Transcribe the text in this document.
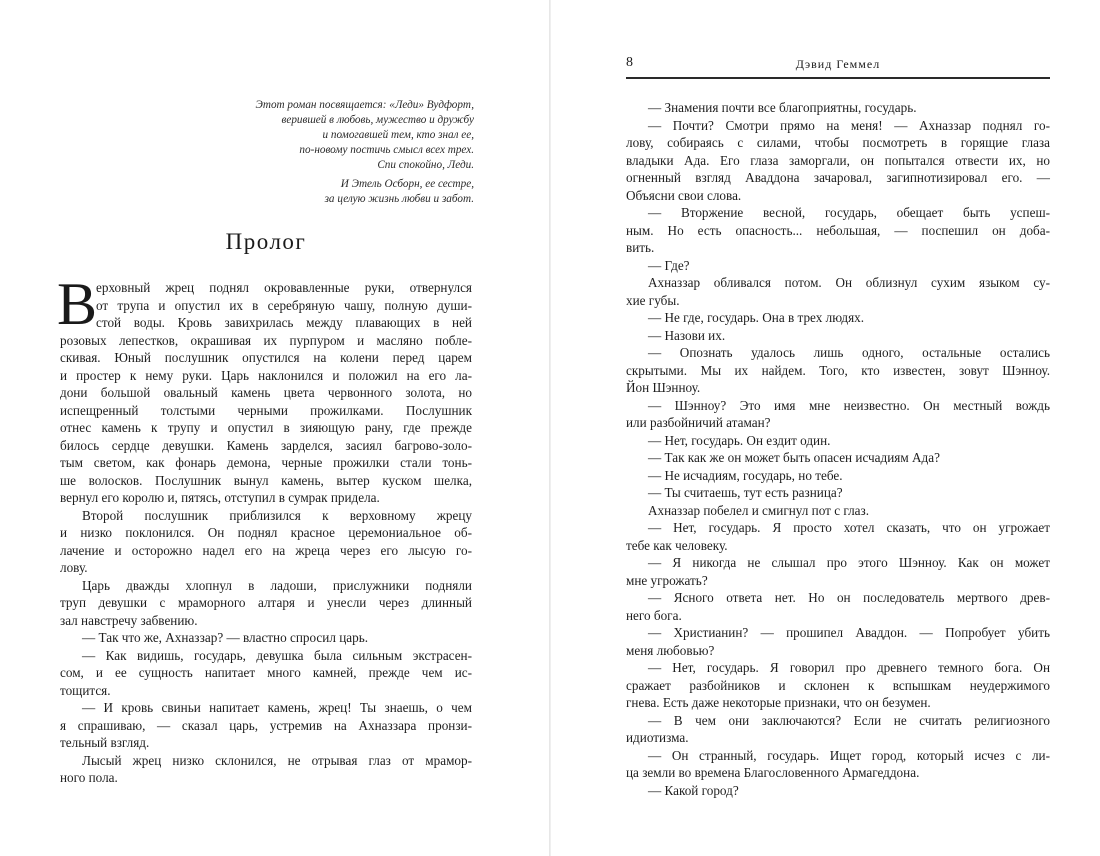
Этот роман посвящается: «Леди» Вудфорт,
верившей в любовь, мужество и дружбу
и помогавшей тем, кто знал ее,
по-новому постичь смысл всех трех.
Спи спокойно, Леди.
И Этель Осборн, ее сестре,
за целую жизнь любви и забот.
Пролог
В
ерховный жрец поднял окровавленные руки, отвернулся
от трупа и опустил их в серебряную чашу, полную души-
стой воды. Кровь завихрилась между плавающих в ней
розовых лепестков, окрашивая их пурпуром и масляно побле-
скивая. Юный послушник опустился на колени перед царем
и простер к нему руки. Царь наклонился и положил на его ла-
дони большой овальный камень цвета червонного золота, но
испещренный толстыми черными прожилками. Послушник
отнес камень к трупу и опустил в зияющую рану, где прежде
билось сердце девушки. Камень зарделся, засиял багрово-золо-
тым светом, как фонарь демона, черные прожилки стали тонь-
ше волосков. Послушник вынул камень, вытер куском шелка,
вернул его королю и, пятясь, отступил в сумрак придела.
Второй послушник приблизился к верховному жрецу
и низко поклонился. Он поднял красное церемониальное об-
лачение и осторожно надел его на жреца через его лысую го-
лову.
Царь дважды хлопнул в ладоши, прислужники подняли
труп девушки с мраморного алтаря и унесли через длинный
зал навстречу забвению.
— Так что же, Ахназзар? — властно спросил царь.
— Как видишь, государь, девушка была сильным экстрасен-
сом, и ее сущность напитает много камней, прежде чем ис-
тощится.
— И кровь свиньи напитает камень, жрец! Ты знаешь, о чем
я спрашиваю, — сказал царь, устремив на Ахназзара пронзи-
тельный взгляд.
Лысый жрец низко склонился, не отрывая глаз от мрамор-
ного пола.
8	Дэвид Геммел
— Знамения почти все благоприятны, государь.
— Почти? Смотри прямо на меня! — Ахназзар поднял го-
лову, собираясь с силами, чтобы посмотреть в горящие глаза
владыки Ада. Его глаза заморгали, он попытался отвести их, но
огненный взгляд Аваддона зачаровал, загипнотизировал его. —
Объясни свои слова.
— Вторжение весной, государь, обещает быть успеш-
ным. Но есть опасность... небольшая, — поспешил он доба-
вить.
— Где?
Ахназзар обливался потом. Он облизнул сухим языком су-
хие губы.
— Не где, государь. Она в трех людях.
— Назови их.
— Опознать удалось лишь одного, остальные остались
скрытыми. Мы их найдем. Того, кто известен, зовут Шэнноу.
Йон Шэнноу.
— Шэнноу? Это имя мне неизвестно. Он местный вождь
или разбойничий атаман?
— Нет, государь. Он ездит один.
— Так как же он может быть опасен исчадиям Ада?
— Не исчадиям, государь, но тебе.
— Ты считаешь, тут есть разница?
Ахназзар побелел и смигнул пот с глаз.
— Нет, государь. Я просто хотел сказать, что он угрожает
тебе как человеку.
— Я никогда не слышал про этого Шэнноу. Как он может
мне угрожать?
— Ясного ответа нет. Но он последователь мертвого древ-
него бога.
— Христианин? — прошипел Аваддон. — Попробует убить
меня любовью?
— Нет, государь. Я говорил про древнего темного бога. Он
сражает разбойников и склонен к вспышкам неудержимого
гнева. Есть даже некоторые признаки, что он безумен.
— В чем они заключаются? Если не считать религиозного
идиотизма.
— Он странный, государь. Ищет город, который исчез с ли-
ца земли во времена Благословенного Армагеддона.
— Какой город?
